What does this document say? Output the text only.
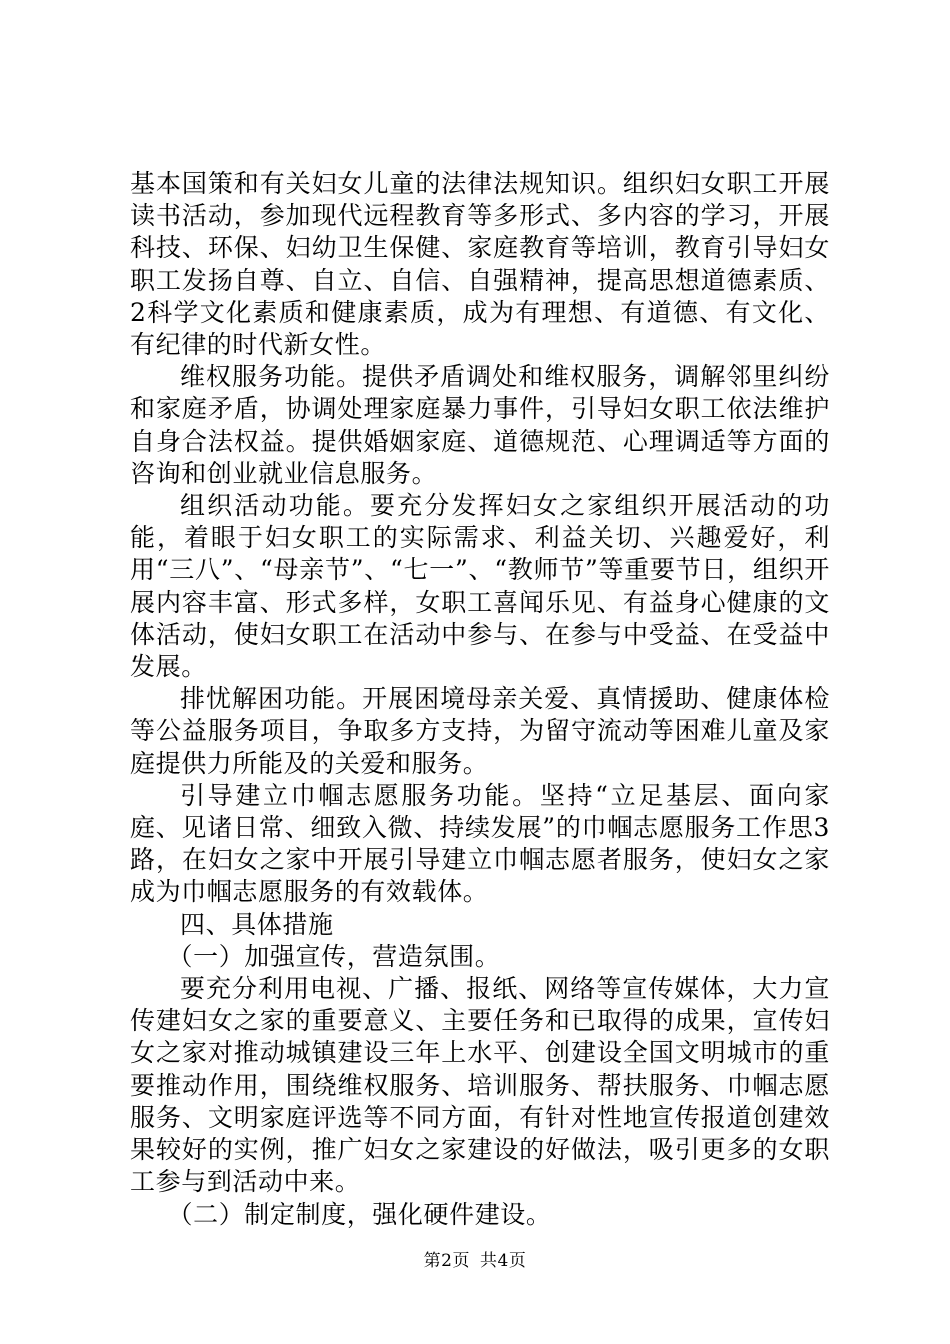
基本国策和有关妇女儿童的法律法规知识。组织妇女职工开展读书活动，参加现代远程教育等多形式、多内容的学习，开展科技、环保、妇幼卫生保健、家庭教育等培训，教育引导妇女职工发扬自尊、自立、自信、自强精神，提高思想道德素质、2科学文化素质和健康素质，成为有理想、有道德、有文化、有纪律的时代新女性。

维权服务功能。提供矛盾调处和维权服务，调解邻里纠纷和家庭矛盾，协调处理家庭暴力事件，引导妇女职工依法维护自身合法权益。提供婚姻家庭、道德规范、心理调适等方面的咨询和创业就业信息服务。

组织活动功能。要充分发挥妇女之家组织开展活动的功能，着眼于妇女职工的实际需求、利益关切、兴趣爱好，利用“三八”、“母亲节”、“七一”、“教师节”等重要节日，组织开展内容丰富、形式多样，女职工喜闻乐见、有益身心健康的文体活动，使妇女职工在活动中参与、在参与中受益、在受益中发展。

排忧解困功能。开展困境母亲关爱、真情援助、健康体检等公益服务项目，争取多方支持，为留守流动等困难儿童及家庭提供力所能及的关爱和服务。

引导建立巾帼志愿服务功能。坚持“立足基层、面向家庭、见诸日常、细致入微、持续发展”的巾帼志愿服务工作思3路，在妇女之家中开展引导建立巾帼志愿者服务，使妇女之家成为巾帼志愿服务的有效载体。

四、具体措施

（一）加强宣传，营造氛围。

要充分利用电视、广播、报纸、网络等宣传媒体，大力宣传建妇女之家的重要意义、主要任务和已取得的成果，宣传妇女之家对推动城镇建设三年上水平、创建设全国文明城市的重要推动作用，围绕维权服务、培训服务、帮扶服务、巾帼志愿服务、文明家庭评选等不同方面，有针对性地宣传报道创建效果较好的实例，推广妇女之家建设的好做法，吸引更多的女职工参与到活动中来。

（二）制定制度，强化硬件建设。

第2页 共4页
